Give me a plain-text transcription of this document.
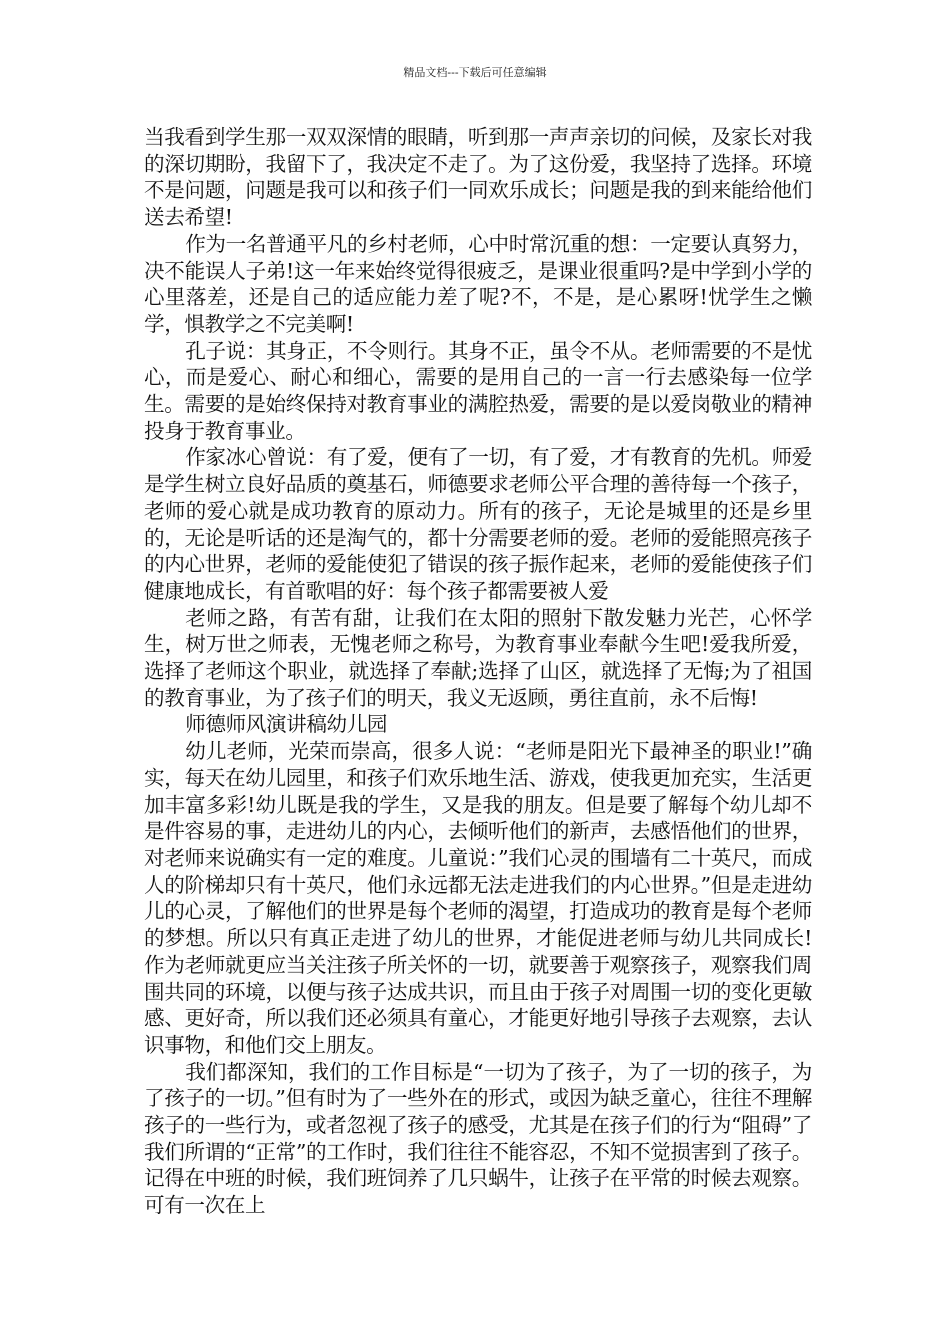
精品文档---下载后可任意编辑

当我看到学生那一双双深情的眼睛，听到那一声声亲切的问候，及家长对我的深切期盼，我留下了，我决定不走了。为了这份爱，我坚持了选择。环境不是问题，问题是我可以和孩子们一同欢乐成长；问题是我的到来能给他们送去希望!

作为一名普通平凡的乡村老师，心中时常沉重的想：一定要认真努力，决不能误人子弟!这一年来始终觉得很疲乏，是课业很重吗?是中学到小学的心里落差，还是自己的适应能力差了呢?不，不是，是心累呀!忧学生之懒学，惧教学之不完美啊!

孔子说：其身正，不令则行。其身不正，虽令不从。老师需要的不是忧心，而是爱心、耐心和细心，需要的是用自己的一言一行去感染每一位学生。需要的是始终保持对教育事业的满腔热爱，需要的是以爱岗敬业的精神投身于教育事业。

作家冰心曾说：有了爱，便有了一切，有了爱，才有教育的先机。师爱是学生树立良好品质的奠基石，师德要求老师公平合理的善待每一个孩子，老师的爱心就是成功教育的原动力。所有的孩子，无论是城里的还是乡里的，无论是听话的还是淘气的，都十分需要老师的爱。老师的爱能照亮孩子的内心世界，老师的爱能使犯了错误的孩子振作起来，老师的爱能使孩子们健康地成长，有首歌唱的好：每个孩子都需要被人爱

老师之路，有苦有甜，让我们在太阳的照射下散发魅力光芒，心怀学生，树万世之师表，无愧老师之称号，为教育事业奉献今生吧!爱我所爱，选择了老师这个职业，就选择了奉献;选择了山区，就选择了无悔;为了祖国的教育事业，为了孩子们的明天，我义无返顾，勇往直前，永不后悔!

师德师风演讲稿幼儿园

幼儿老师，光荣而崇高，很多人说：“老师是阳光下最神圣的职业!”确实，每天在幼儿园里，和孩子们欢乐地生活、游戏，使我更加充实，生活更加丰富多彩!幼儿既是我的学生，又是我的朋友。但是要了解每个幼儿却不是件容易的事，走进幼儿的内心，去倾听他们的新声，去感悟他们的世界，对老师来说确实有一定的难度。儿童说：”我们心灵的围墙有二十英尺，而成人的阶梯却只有十英尺，他们永远都无法走进我们的内心世界。”但是走进幼儿的心灵，了解他们的世界是每个老师的渴望，打造成功的教育是每个老师的梦想。所以只有真正走进了幼儿的世界，才能促进老师与幼儿共同成长!作为老师就更应当关注孩子所关怀的一切，就要善于观察孩子，观察我们周围共同的环境，以便与孩子达成共识，而且由于孩子对周围一切的变化更敏感、更好奇，所以我们还必须具有童心，才能更好地引导孩子去观察，去认识事物，和他们交上朋友。

我们都深知，我们的工作目标是“一切为了孩子，为了一切的孩子，为了孩子的一切。”但有时为了一些外在的形式，或因为缺乏童心，往往不理解孩子的一些行为，或者忽视了孩子的感受，尤其是在孩子们的行为“阻碍”了我们所谓的“正常”的工作时，我们往往不能容忍，不知不觉损害到了孩子。记得在中班的时候，我们班饲养了几只蜗牛，让孩子在平常的时候去观察。可有一次在上
